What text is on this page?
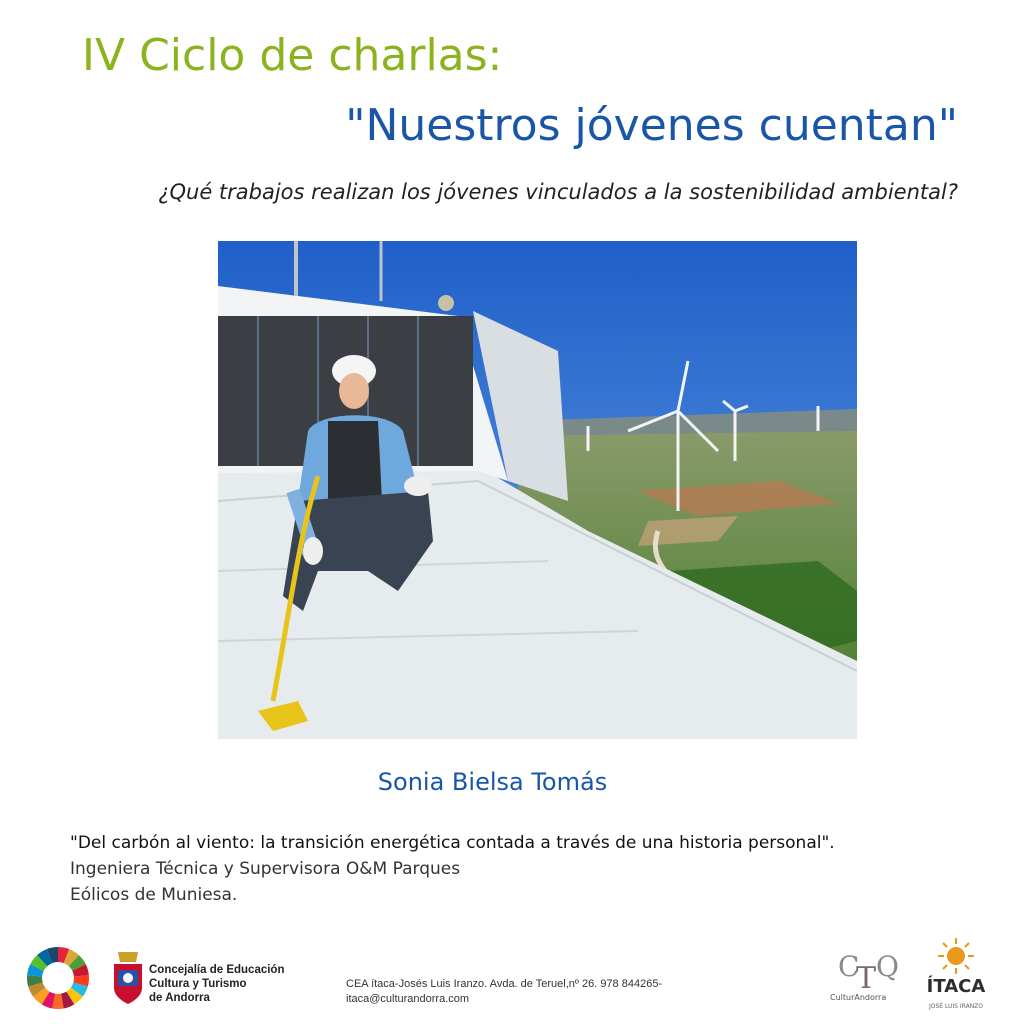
IV Ciclo de charlas:
"Nuestros jóvenes cuentan"
¿Qué trabajos realizan los jóvenes vinculados a la sostenibilidad ambiental?
Sonia Bielsa Tomás
"Del carbón al viento: la transición energética contada a través de una historia personal".
Ingeniera Técnica y Supervisora O&M Parques
Eólicos de Muniesa.
Concejalía de Educación
Cultura y Turismo
de Andorra
CEA ítaca-Josés Luis Iranzo. Avda. de Teruel,nº 26. 978 844265-
itaca@culturandorra.com
C
T Q
CulturAndorra
ÍTACA
JOSÉ LUIS IRANZO
